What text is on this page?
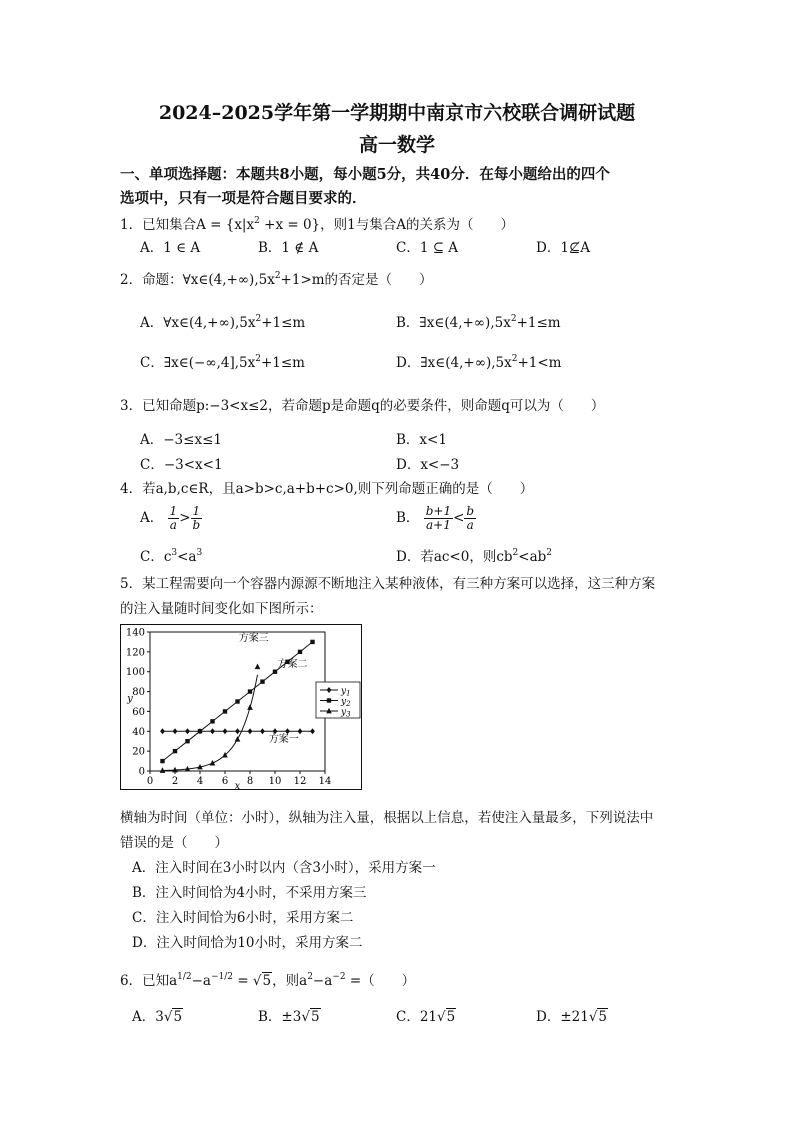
2024–2025学年第一学期期中南京市六校联合调研试题
高一数学
一、单项选择题：本题共8小题，每小题5分，共40分．在每小题给出的四个
选项中，只有一项是符合题目要求的．
1．已知集合$A = \{x|x^2 +x = 0\}$，则1与集合A的关系为（　　）
A．1 ∈ A	B．1 ∉ A	C．1 ⊆ A	D．1⊈A
2．命题：$\forall x\in(4,+\infty),5x^2+1>m$的否定是（　　）
A．$\forall x\in(4,+\infty),5x^2+1\le m$	B．$\exists x\in(4,+\infty),5x^2+1\le m$
C．$\exists x\in(-\infty,4],5x^2+1\le m$	D．$\exists x\in(4,+\infty),5x^2+1<m$
3．已知命题p:−3<x≤2，若命题p是命题q的必要条件，则命题q可以为（　　）
A．−3≤x≤1	B．x<1
C．−3<x<1	D．x<−3
4．若a,b,c∈R，且a>b>c,a+b+c>0,则下列命题正确的是（　　）
A． $\frac{1}{a} > \frac{1}{b}$	B． $\frac{b+1}{a+1} < \frac{b}{a}$
C．$c^3<a^3$	D．若ac<0，则$cb^2<ab^2$
5．某工程需要向一个容器内源源不断地注入某种液体，有三种方案可以选择，这三种方案
的注入量随时间变化如下图所示：
0 2 4 6 8 10 12 14
0
20
40
60
80
100
120
140
x
y
方案三
方案二
方案一
$y_1$
$y_2$
$y_3$
横轴为时间（单位：小时），纵轴为注入量，根据以上信息，若使注入量最多，下列说法中
错误的是（　　）
A．注入时间在3小时以内（含3小时），采用方案一
B．注入时间恰为4小时，不采用方案三
C．注入时间恰为6小时，采用方案二
D．注入时间恰为10小时，采用方案二
6．已知$a^{1/2}-a^{-1/2} = √5$，则$a^2-a^{-2}$ =（　　）
A．3√5	B．±3√5	C．21√5	D．±21√5
